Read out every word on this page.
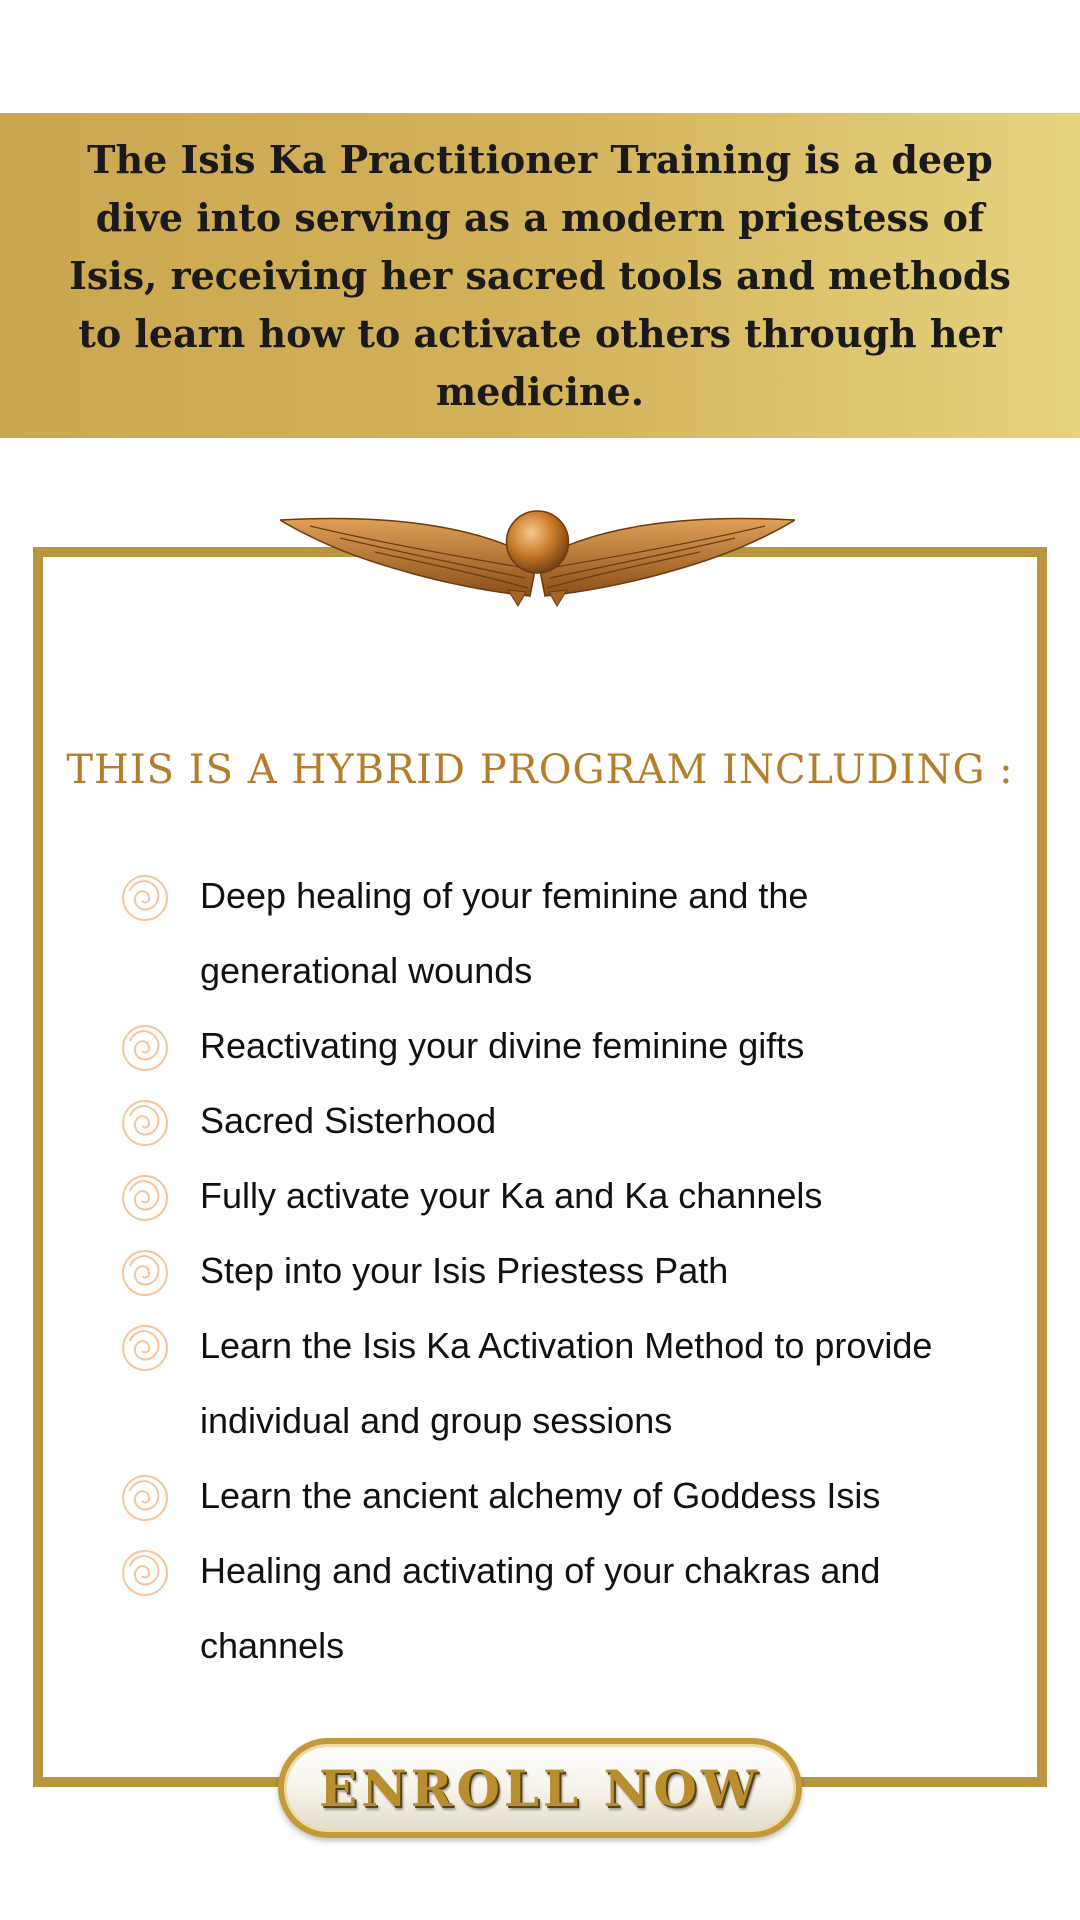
The Isis Ka Practitioner Training is a deep dive into serving as a modern priestess of Isis, receiving her sacred tools and methods to learn how to activate others through her medicine.

THIS IS A HYBRID PROGRAM INCLUDING :
Deep healing of your feminine and the generational wounds
Reactivating your divine feminine gifts
Sacred Sisterhood
Fully activate your Ka and Ka channels
Step into your Isis Priestess Path
Learn the Isis Ka Activation Method to provide individual and group sessions
Learn the ancient alchemy of Goddess Isis
Healing and activating of your chakras and channels
ENROLL NOW
